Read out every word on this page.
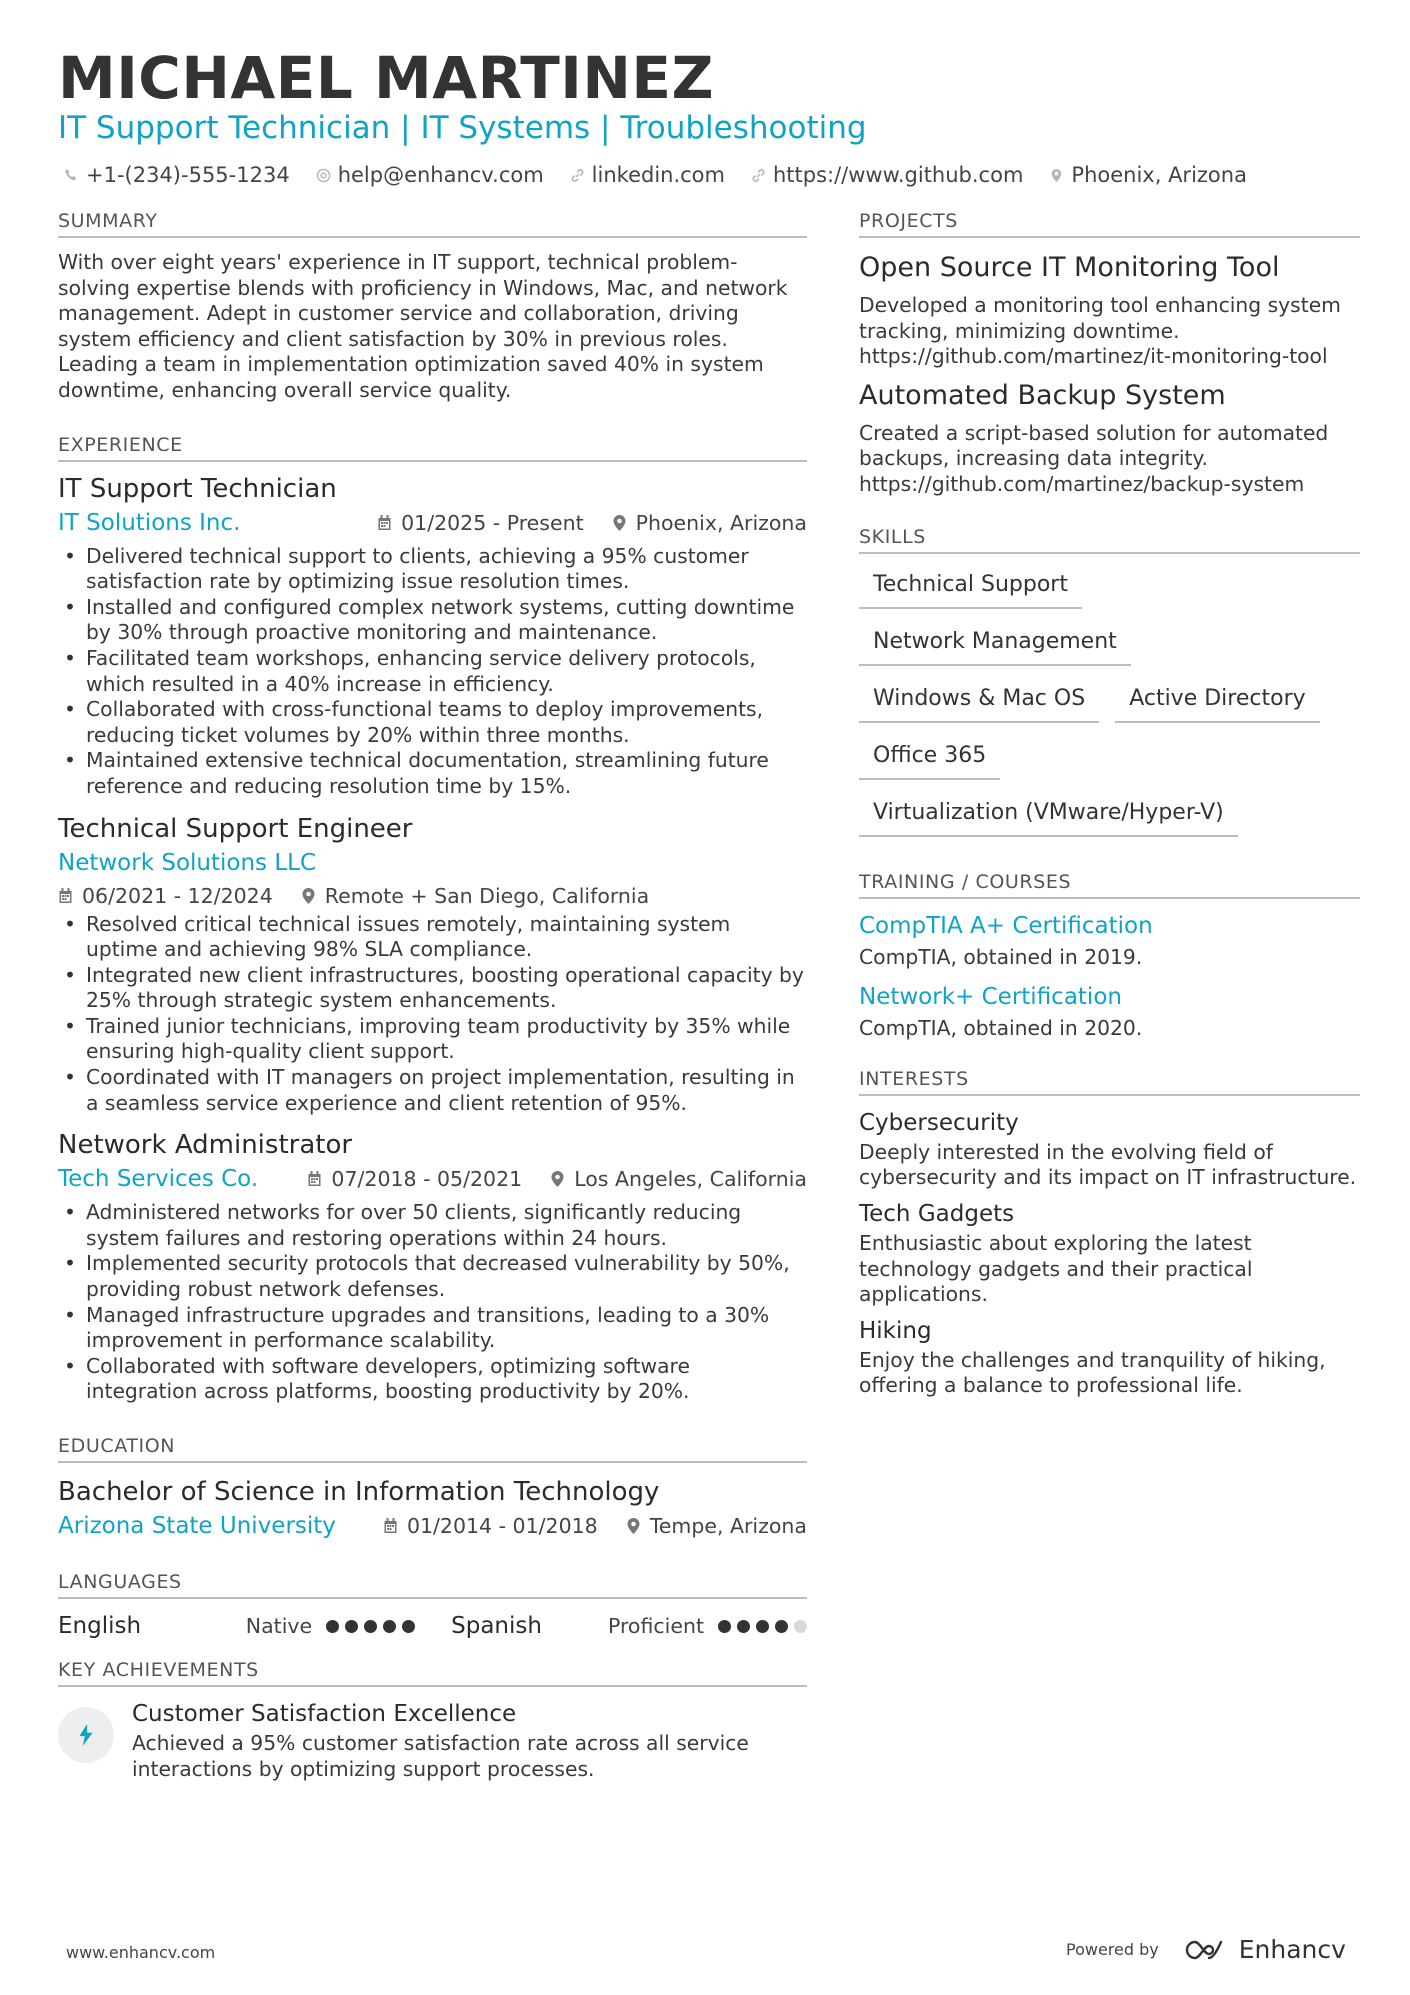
MICHAEL MARTINEZ
IT Support Technician | IT Systems | Troubleshooting
+1-(234)-555-1234 help@enhancv.com linkedin.com https://www.github.com Phoenix, Arizona
SUMMARY
With over eight years' experience in IT support, technical problem-solving expertise blends with proficiency in Windows, Mac, and network management. Adept in customer service and collaboration, driving system efficiency and client satisfaction by 30% in previous roles. Leading a team in implementation optimization saved 40% in system downtime, enhancing overall service quality.
EXPERIENCE
IT Support Technician
IT Solutions Inc.	01/2025 - Present	Phoenix, Arizona
• Delivered technical support to clients, achieving a 95% customer satisfaction rate by optimizing issue resolution times.
• Installed and configured complex network systems, cutting downtime by 30% through proactive monitoring and maintenance.
• Facilitated team workshops, enhancing service delivery protocols, which resulted in a 40% increase in efficiency.
• Collaborated with cross-functional teams to deploy improvements, reducing ticket volumes by 20% within three months.
• Maintained extensive technical documentation, streamlining future reference and reducing resolution time by 15%.
Technical Support Engineer
Network Solutions LLC
06/2021 - 12/2024	Remote + San Diego, California
• Resolved critical technical issues remotely, maintaining system uptime and achieving 98% SLA compliance.
• Integrated new client infrastructures, boosting operational capacity by 25% through strategic system enhancements.
• Trained junior technicians, improving team productivity by 35% while ensuring high-quality client support.
• Coordinated with IT managers on project implementation, resulting in a seamless service experience and client retention of 95%.
Network Administrator
Tech Services Co.	07/2018 - 05/2021	Los Angeles, California
• Administered networks for over 50 clients, significantly reducing system failures and restoring operations within 24 hours.
• Implemented security protocols that decreased vulnerability by 50%, providing robust network defenses.
• Managed infrastructure upgrades and transitions, leading to a 30% improvement in performance scalability.
• Collaborated with software developers, optimizing software integration across platforms, boosting productivity by 20%.
EDUCATION
Bachelor of Science in Information Technology
Arizona State University	01/2014 - 01/2018	Tempe, Arizona
LANGUAGES
English	Native	Spanish	Proficient
KEY ACHIEVEMENTS
Customer Satisfaction Excellence
Achieved a 95% customer satisfaction rate across all service interactions by optimizing support processes.
PROJECTS
Open Source IT Monitoring Tool
Developed a monitoring tool enhancing system tracking, minimizing downtime.
https://github.com/martinez/it-monitoring-tool
Automated Backup System
Created a script-based solution for automated backups, increasing data integrity.
https://github.com/martinez/backup-system
SKILLS
Technical Support
Network Management
Windows & Mac OS	Active Directory
Office 365
Virtualization (VMware/Hyper-V)
TRAINING / COURSES
CompTIA A+ Certification
CompTIA, obtained in 2019.
Network+ Certification
CompTIA, obtained in 2020.
INTERESTS
Cybersecurity
Deeply interested in the evolving field of cybersecurity and its impact on IT infrastructure.
Tech Gadgets
Enthusiastic about exploring the latest technology gadgets and their practical applications.
Hiking
Enjoy the challenges and tranquility of hiking, offering a balance to professional life.
www.enhancv.com	Powered by	Enhancv
